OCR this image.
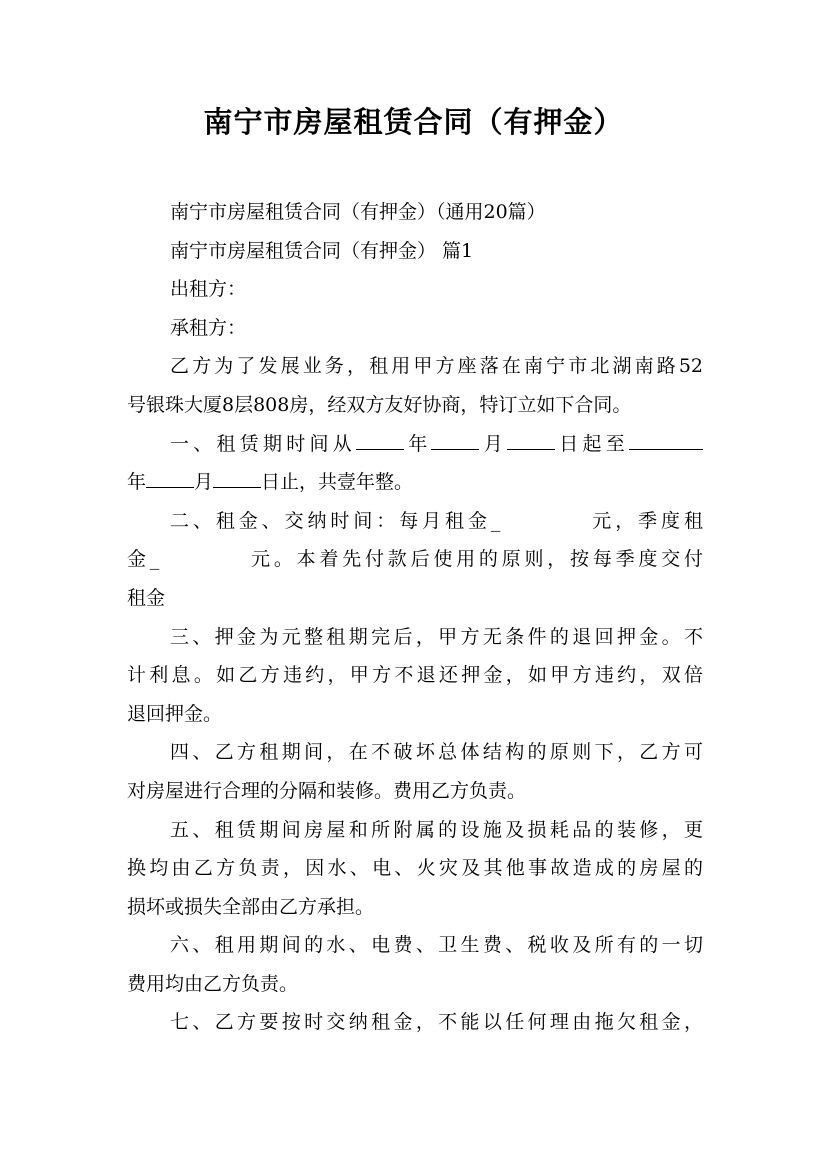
南宁市房屋租赁合同（有押金）
南宁市房屋租赁合同（有押金）（通用20篇）
南宁市房屋租赁合同（有押金） 篇1
出租方：
承租方：
乙方为了发展业务，租用甲方座落在南宁市北湖南路52
号银珠大厦8层808房，经双方友好协商，特订立如下合同。
一、租赁期时间从	年	月	日起至
年	月	日止，共壹年整。
二、租金、交纳时间：每月租金_	元，季度租
金_	元。本着先付款后使用的原则，按每季度交付
租金
三、押金为元整租期完后，甲方无条件的退回押金。不
计利息。如乙方违约，甲方不退还押金，如甲方违约，双倍
退回押金。
四、乙方租期间，在不破坏总体结构的原则下，乙方可
对房屋进行合理的分隔和装修。费用乙方负责。
五、租赁期间房屋和所附属的设施及损耗品的装修，更
换均由乙方负责，因水、电、火灾及其他事故造成的房屋的
损坏或损失全部由乙方承担。
六、租用期间的水、电费、卫生费、税收及所有的一切
费用均由乙方负责。
七、乙方要按时交纳租金，不能以任何理由拖欠租金，
